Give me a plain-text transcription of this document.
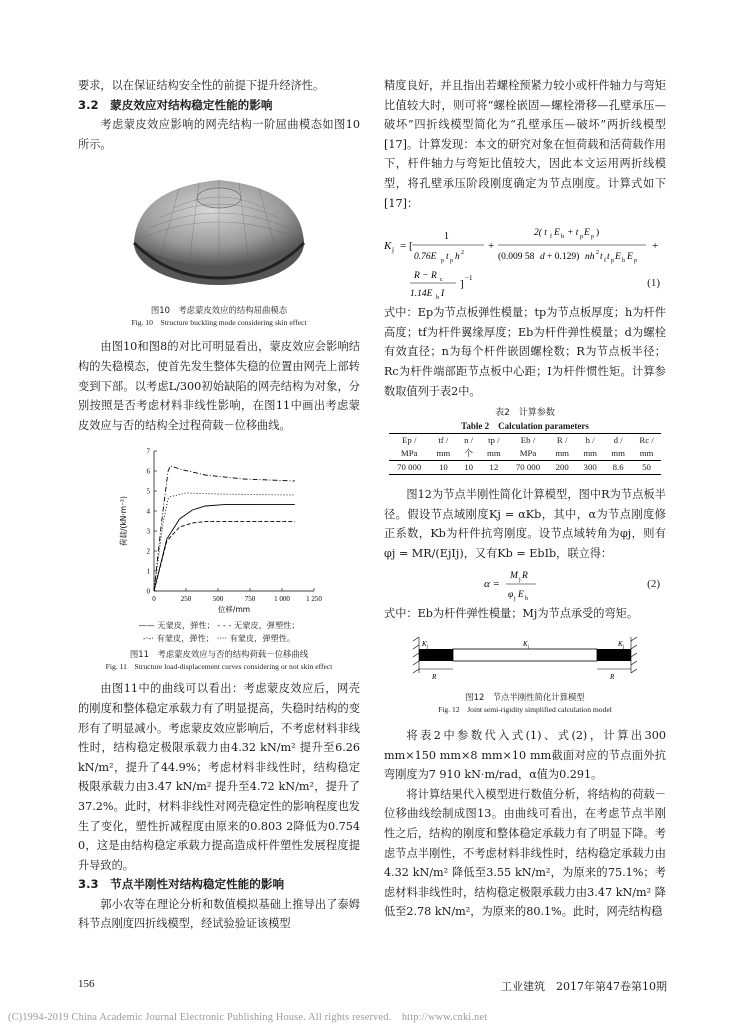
要求，以在保证结构安全性的前提下提升经济性。

3.2　蒙皮效应对结构稳定性能的影响

考虑蒙皮效应影响的网壳结构一阶屈曲模态如图10所示。

图10　考虑蒙皮效应的结构屈曲模态
Fig. 10　Structure buckling mode considering skin effect

由图10和图8的对比可明显看出，蒙皮效应会影响结构的失稳模态，使首先发生整体失稳的位置由网壳上部转变到下部。以考虑L/300初始缺陷的网壳结构为对象，分别按照是否考虑材料非线性影响，在图11中画出考虑蒙皮效应与否的结构全过程荷载－位移曲线。

0	250	500	750	1 000 1 250
0
1
2
3
4
5
6
7
位移/mm
荷载/(kN·m⁻²)
—— 无蒙皮，弹性； - - - 无蒙皮，弹塑性；
-·-· 有蒙皮，弹性； ···· 有蒙皮，弹塑性。
图11　考虑蒙皮效应与否的结构荷载－位移曲线
Fig. 11　Structure load-displacement curves considering or not skin effect

由图11中的曲线可以看出：考虑蒙皮效应后，网壳的刚度和整体稳定承载力有了明显提高，失稳时结构的变形有了明显减小。考虑蒙皮效应影响后，不考虑材料非线性时，结构稳定极限承载力由4.32 kN/m² 提升至6.26 kN/m²，提升了44.9%；考虑材料非线性时，结构稳定极限承载力由3.47 kN/m² 提升至4.72 kN/m²，提升了37.2%。此时，材料非线性对网壳稳定性的影响程度也发生了变化，塑性折减程度由原来的0.803 2降低为0.754 0，这是由结构稳定承载力提高造成杆件塑性发展程度提升导致的。

3.3　节点半刚性对结构稳定性能的影响

郭小农等在理论分析和数值模拟基础上推导出了泰姆科节点刚度四折线模型，经试验验证该模型

精度良好，并且指出若螺栓预紧力较小或杆件轴力与弯矩比值较大时，则可将“螺栓嵌固—螺栓滑移—孔壁承压—破坏”四折线模型简化为“孔壁承压—破坏”两折线模型[17]。计算发现：本文的研究对象在恒荷载和活荷载作用下，杆件轴力与弯矩比值较大，因此本文运用两折线模型，将孔壁承压阶段刚度确定为节点刚度。计算式如下[17]：

K j = [
1
0.76E p t p h 2
+
2( t f E b + t p E p )
(0.009 58 d + 0.129) nh 2 t f t p E b E p
+
R − R c
1.14E b I
] −1	(1)

式中：Ep为节点板弹性模量；tp为节点板厚度；h为杆件高度；tf为杆件翼缘厚度；Eb为杆件弹性模量；d为螺栓有效直径；n为每个杆件嵌固螺栓数；R为节点板半径；Rc为杆件端部距节点板中心距；I为杆件惯性矩。计算参数取值列于表2中。

表2　计算参数
Table 2　Calculation parameters
Ep /
MPa	tf /
mm	n /
个	tp /
mm	Eb /
MPa	R /
mm	h /
mm	d /
mm	Rc /
mm
70 000	10	10	12	70 000	200	300	8.6	50

图12为节点半刚性简化计算模型，图中R为节点板半径。假设节点域刚度Kj = αKb，其中，α为节点刚度修正系数，Kb为杆件抗弯刚度。设节点域转角为φj，则有φj = MR/(EjIj)，又有Kb = EbIb，联立得：

α =
M j R
φ j E b
(2)

式中：Eb为杆件弹性模量；Mj为节点承受的弯矩。

K j	K j	K j
R	R
图12　节点半刚性简化计算模型
Fig. 12　Joint semi-rigidity simplified calculation model

将表2中参数代入式(1)、式(2)，计算出300 mm×150 mm×8 mm×10 mm截面对应的节点面外抗弯刚度为7 910 kN·m/rad，α值为0.291。

将计算结果代入模型进行数值分析，将结构的荷载－位移曲线绘制成图13。由曲线可看出，在考虑节点半刚性之后，结构的刚度和整体稳定承载力有了明显下降。考虑节点半刚性，不考虑材料非线性时，结构稳定承载力由4.32 kN/m² 降低至3.55 kN/m²，为原来的75.1%；考虑材料非线性时，结构稳定极限承载力由3.47 kN/m² 降低至2.78 kN/m²，为原来的80.1%。此时，网壳结构稳

156	工业建筑　2017年第47卷第10期
(C)1994-2019 China Academic Journal Electronic Publishing House. All rights reserved.　http://www.cnki.net
